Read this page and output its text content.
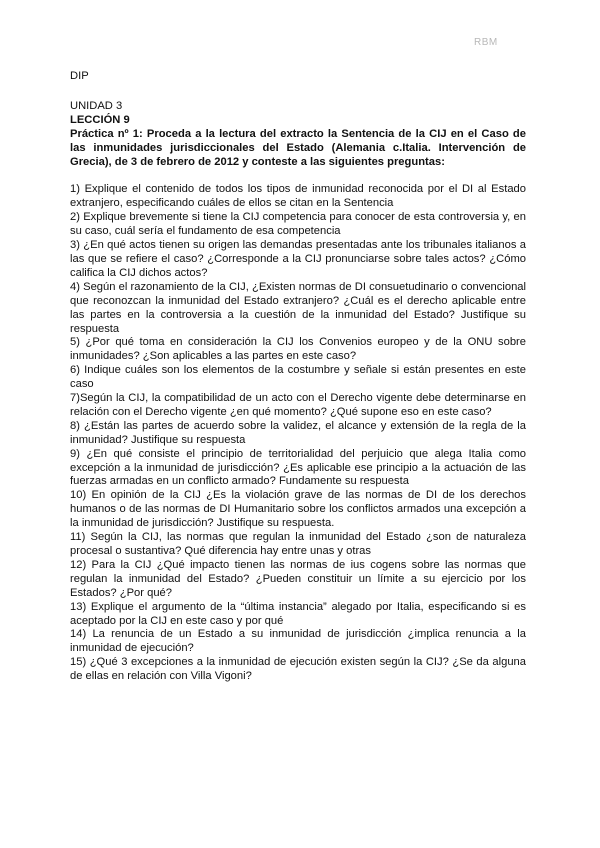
RBM
DIP
UNIDAD 3
LECCIÓN 9
Práctica nº 1: Proceda a la lectura del extracto la Sentencia de la CIJ en el Caso de las inmunidades jurisdiccionales del Estado (Alemania c.Italia. Intervención de Grecia), de 3 de febrero de 2012 y conteste a las siguientes preguntas:

1) Explique el contenido de todos los tipos de inmunidad reconocida por el DI al Estado extranjero, especificando cuáles de ellos se citan en la Sentencia

2) Explique brevemente si tiene la CIJ competencia para conocer de esta controversia y, en su caso, cuál sería el fundamento de esa competencia

3) ¿En qué actos tienen su origen las demandas presentadas ante los tribunales italianos a las que se refiere el caso? ¿Corresponde a la CIJ pronunciarse sobre tales actos? ¿Cómo califica la CIJ dichos actos?

4) Según el razonamiento de la CIJ, ¿Existen normas de DI consuetudinario o convencional que reconozcan la inmunidad del Estado extranjero? ¿Cuál es el derecho aplicable entre las partes en la controversia a la cuestión de la inmunidad del Estado? Justifique su respuesta

5) ¿Por qué toma en consideración la CIJ los Convenios europeo y de la ONU sobre inmunidades? ¿Son aplicables a las partes en este caso?

6) Indique cuáles son los elementos de la costumbre y señale si están presentes en este caso

7)Según la CIJ, la compatibilidad de un acto con el Derecho vigente debe determinarse en relación con el Derecho vigente ¿en qué momento? ¿Qué supone eso en este caso?

8) ¿Están las partes de acuerdo sobre la validez, el alcance y extensión de la regla de la inmunidad? Justifique su respuesta

9) ¿En qué consiste el principio de territorialidad del perjuicio que alega Italia como excepción a la inmunidad de jurisdicción? ¿Es aplicable ese principio a la actuación de las fuerzas armadas en un conflicto armado? Fundamente su respuesta

10) En opinión de la CIJ ¿Es la violación grave de las normas de DI de los derechos humanos o de las normas de DI Humanitario sobre los conflictos armados una excepción a la inmunidad de jurisdicción? Justifique su respuesta.

11) Según la CIJ, las normas que regulan la inmunidad del Estado ¿son de naturaleza procesal o sustantiva? Qué diferencia hay entre unas y otras

12) Para la CIJ ¿Qué impacto tienen las normas de ius cogens sobre las normas que regulan la inmunidad del Estado? ¿Pueden constituir un límite a su ejercicio por los Estados? ¿Por qué?

13) Explique el argumento de la “última instancia” alegado por Italia, especificando si es aceptado por la CIJ en este caso y por qué

14) La renuncia de un Estado a su inmunidad de jurisdicción ¿implica renuncia a la inmunidad de ejecución?

15) ¿Qué 3 excepciones a la inmunidad de ejecución existen según la CIJ? ¿Se da alguna de ellas en relación con Villa Vigoni?
